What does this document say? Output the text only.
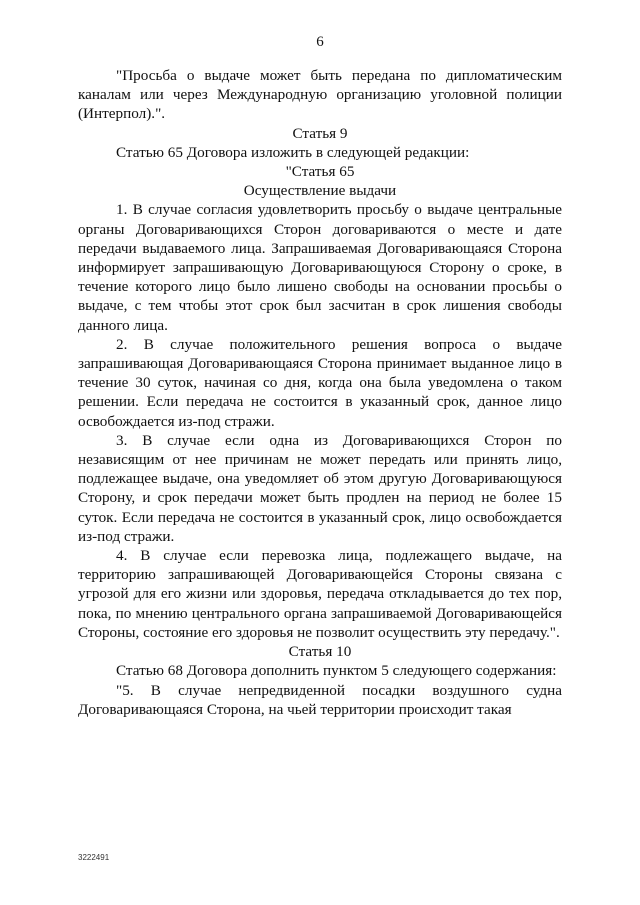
6

"Просьба о выдаче может быть передана по дипломатическим каналам или через Международную организацию уголовной полиции (Интерпол).".

Статья 9

Статью 65 Договора изложить в следующей редакции:

"Статья 65

Осуществление выдачи

1. В случае согласия удовлетворить просьбу о выдаче центральные органы Договаривающихся Сторон договариваются о месте и дате передачи выдаваемого лица. Запрашиваемая Договаривающаяся Сторона информирует запрашивающую Договаривающуюся Сторону о сроке, в течение которого лицо было лишено свободы на основании просьбы о выдаче, с тем чтобы этот срок был засчитан в срок лишения свободы данного лица.

2. В случае положительного решения вопроса о выдаче запрашивающая Договаривающаяся Сторона принимает выданное лицо в течение 30 суток, начиная со дня, когда она была уведомлена о таком решении. Если передача не состоится в указанный срок, данное лицо освобождается из-под стражи.

3. В случае если одна из Договаривающихся Сторон по независящим от нее причинам не может передать или принять лицо, подлежащее выдаче, она уведомляет об этом другую Договаривающуюся Сторону, и срок передачи может быть продлен на период не более 15 суток. Если передача не состоится в указанный срок, лицо освобождается из-под стражи.

4. В случае если перевозка лица, подлежащего выдаче, на территорию запрашивающей Договаривающейся Стороны связана с угрозой для его жизни или здоровья, передача откладывается до тех пор, пока, по мнению центрального органа запрашиваемой Договаривающейся Стороны, состояние его здоровья не позволит осуществить эту передачу.".

Статья 10

Статью 68 Договора дополнить пунктом 5 следующего содержания:

"5. В случае непредвиденной посадки воздушного судна Договаривающаяся Сторона, на чьей территории происходит такая

3222491
